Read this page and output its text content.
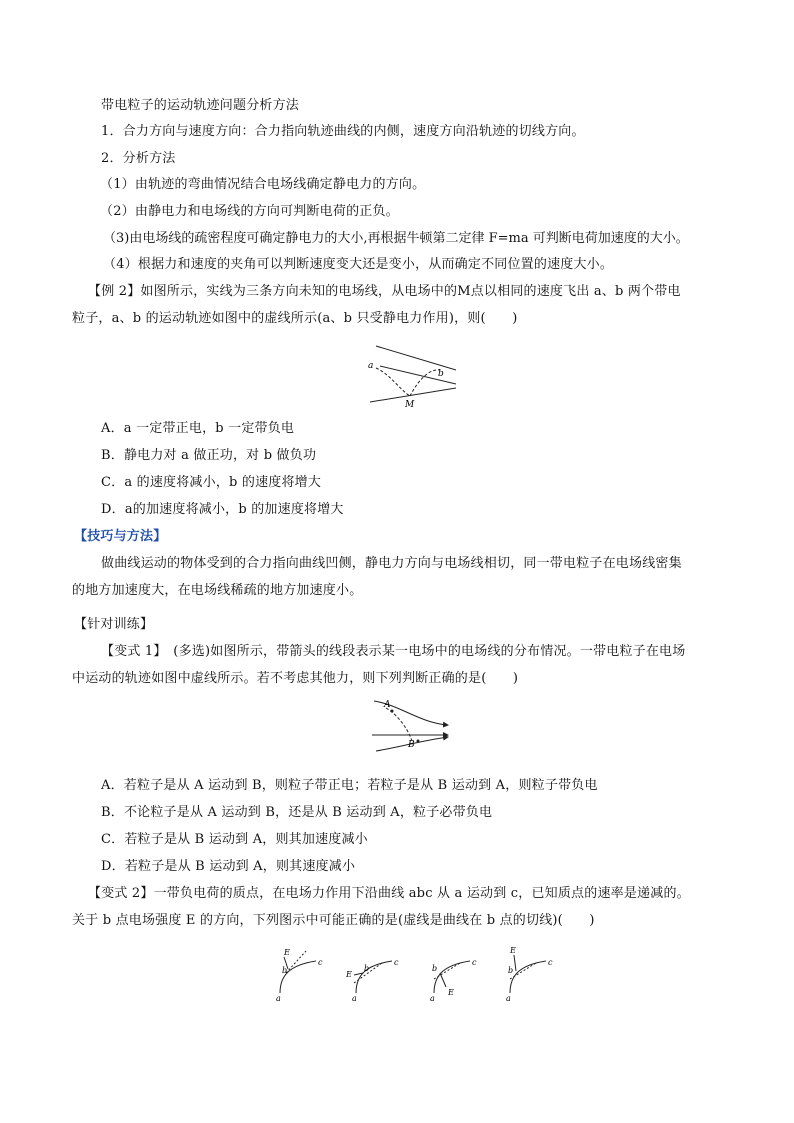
带电粒子的运动轨迹问题分析方法
1．合力方向与速度方向：合力指向轨迹曲线的内侧，速度方向沿轨迹的切线方向。
2．分析方法
（1）由轨迹的弯曲情况结合电场线确定静电力的方向。
（2）由静电力和电场线的方向可判断电荷的正负。
（3)由电场线的疏密程度可确定静电力的大小,再根据牛顿第二定律 F=ma 可判断电荷加速度的大小。
（4）根据力和速度的夹角可以判断速度变大还是变小，从而确定不同位置的速度大小。
【例 2】如图所示，实线为三条方向未知的电场线，从电场中的M点以相同的速度飞出 a、b 两个带电
粒子，a、b 的运动轨迹如图中的虚线所示(a、b 只受静电力作用)，则(　　)
a
b
M
A．a 一定带正电，b 一定带负电
B．静电力对 a 做正功，对 b 做负功
C．a 的速度将减小，b 的速度将增大
D．a的加速度将减小，b 的加速度将增大
【技巧与方法】
做曲线运动的物体受到的合力指向曲线凹侧，静电力方向与电场线相切，同一带电粒子在电场线密集
的地方加速度大，在电场线稀疏的地方加速度小。
【针对训练】
【变式 1】　(多选)如图所示，带箭头的线段表示某一电场中的电场线的分布情况。一带电粒子在电场
中运动的轨迹如图中虚线所示。若不考虑其他力，则下列判断正确的是(　　)
A
B
A．若粒子是从 A 运动到 B，则粒子带正电；若粒子是从 B 运动到 A，则粒子带负电
B．不论粒子是从 A 运动到 B，还是从 B 运动到 A，粒子必带负电
C．若粒子是从 B 运动到 A，则其加速度减小
D．若粒子是从 B 运动到 A，则其速度减小
【变式 2】一带负电荷的质点，在电场力作用下沿曲线 abc 从 a 运动到 c，已知质点的速率是递减的。
关于 b 点电场强度 E 的方向，下列图示中可能正确的是(虚线是曲线在 b 点的切线)(　　)
a
b
c
E
a
b
c
E
a
b
c
E
a
b
c
E
